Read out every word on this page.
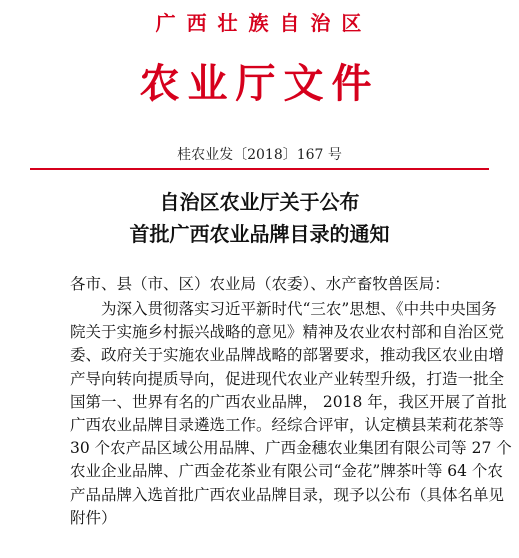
广 西 壮 族 自 治 区
农业厅文件
桂农业发〔2018〕167 号
自治区农业厅关于公布
首批广西农业品牌目录的通知
各市、县（市、区）农业局（农委）、水产畜牧兽医局：
为深入贯彻落实习近平新时代“三农”思想、《中共中央国务
院关于实施乡村振兴战略的意见》精神及农业农村部和自治区党
委、政府关于实施农业品牌战略的部署要求，推动我区农业由增
产导向转向提质导向，促进现代农业产业转型升级，打造一批全
国第一、世界有名的广西农业品牌， 2018 年，我区开展了首批
广西农业品牌目录遴选工作。经综合评审，认定横县茉莉花茶等
30 个农产品区域公用品牌、广西金穗农业集团有限公司等 27 个
农业企业品牌、广西金花茶业有限公司“金花”牌茶叶等 64 个农
产品品牌入选首批广西农业品牌目录，现予以公布（具体名单见
附件）
